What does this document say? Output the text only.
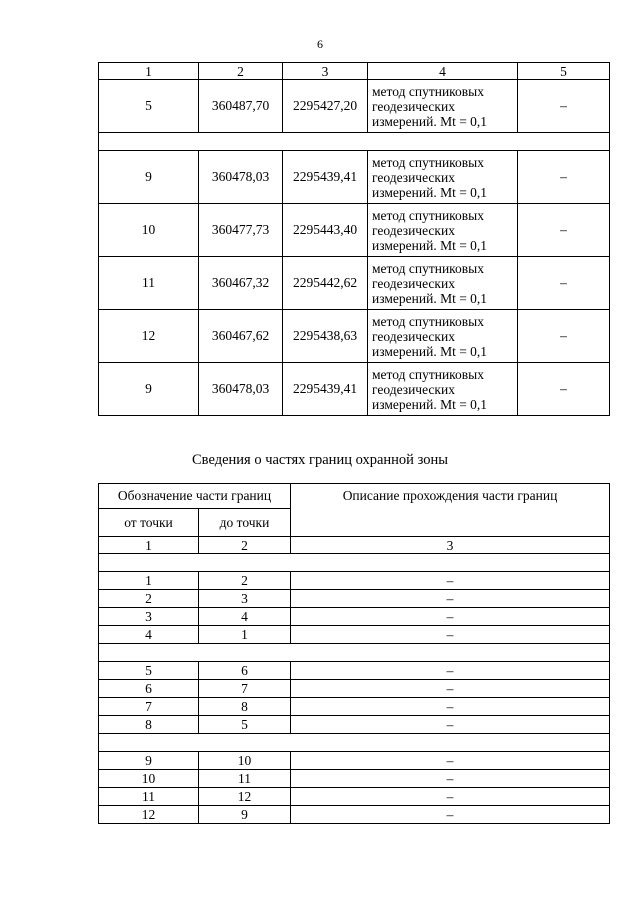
6
1	2	3	4	5
5	360487,70	2295427,20	метод спутниковых
геодезических
измерений. Mt = 0,1	–

9	360478,03	2295439,41	метод спутниковых
геодезических
измерений. Mt = 0,1	–
10	360477,73	2295443,40	метод спутниковых
геодезических
измерений. Mt = 0,1	–
11	360467,32	2295442,62	метод спутниковых
геодезических
измерений. Mt = 0,1	–
12	360467,62	2295438,63	метод спутниковых
геодезических
измерений. Mt = 0,1	–
9	360478,03	2295439,41	метод спутниковых
геодезических
измерений. Mt = 0,1	–
Сведения о частях границ охранной зоны
Обозначение части границ		Описание прохождения части границ
от точки	до точки	
1	2	3

1	2	–
2	3	–
3	4	–
4	1	–

5	6	–
6	7	–
7	8	–
8	5	–

9	10	–
10	11	–
11	12	–
12	9	–
